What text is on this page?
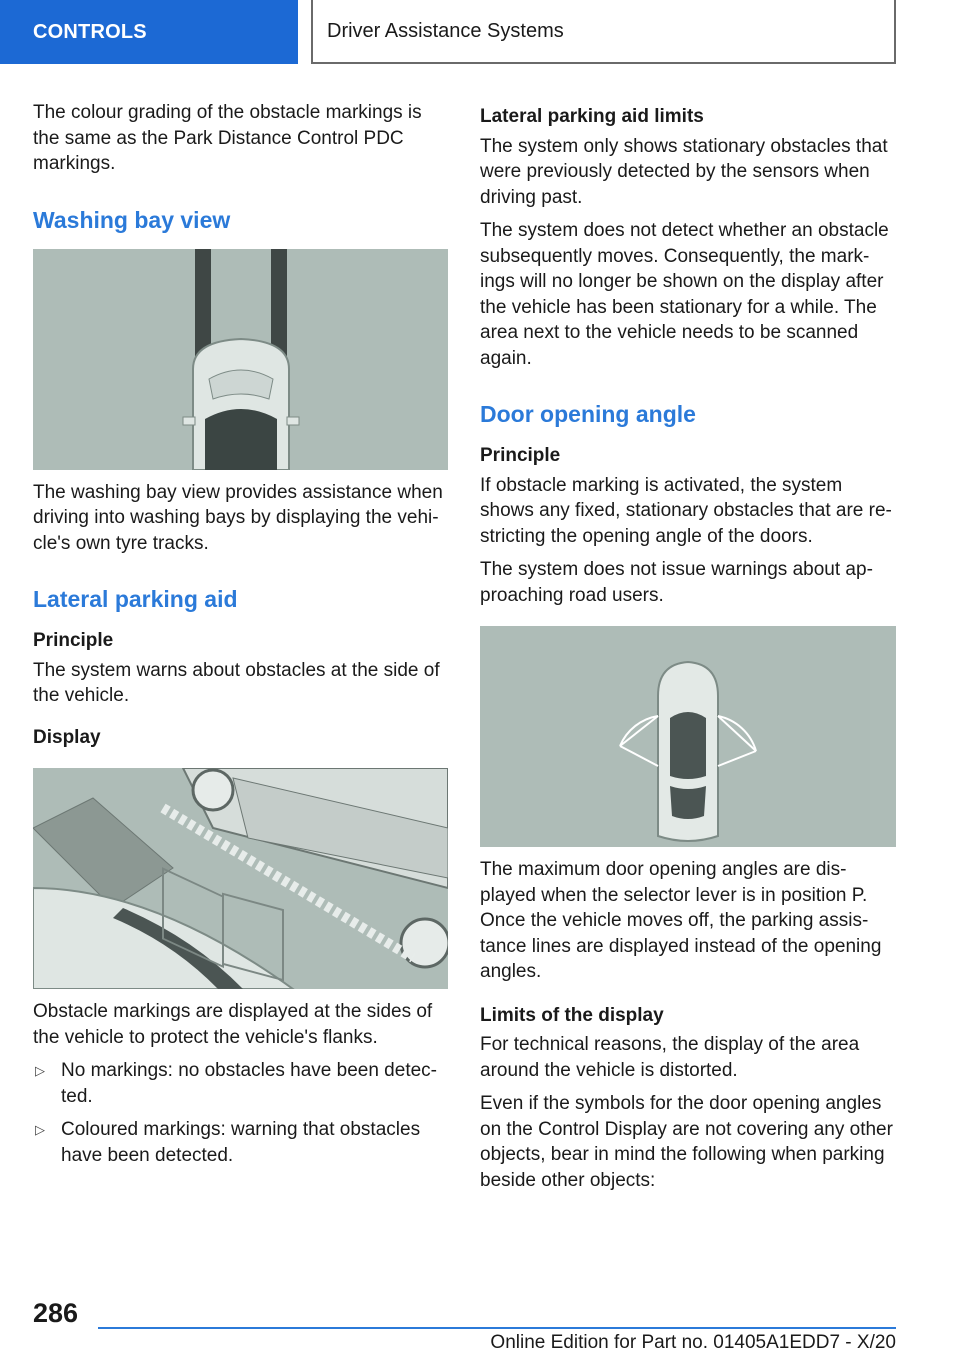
CONTROLS	Driver Assistance Systems

The colour grading of the obstacle markings is the same as the Park Distance Control PDC markings.

Washing bay view

The washing bay view provides assistance when driving into washing bays by displaying the vehicle's own tyre tracks.

Lateral parking aid
Principle

The system warns about obstacles at the side of the vehicle.

Display

Obstacle markings are displayed at the sides of the vehicle to protect the vehicle's flanks.

▷ No markings: no obstacles have been detected.
▷ Coloured markings: warning that obstacles have been detected.
Lateral parking aid limits

The system only shows stationary obstacles that were previously detected by the sensors when driving past.

The system does not detect whether an obstacle subsequently moves. Consequently, the markings will no longer be shown on the display after the vehicle has been stationary for a while. The area next to the vehicle needs to be scanned again.

Door opening angle
Principle

If obstacle marking is activated, the system shows any fixed, stationary obstacles that are restricting the opening angle of the doors.

The system does not issue warnings about approaching road users.

The maximum door opening angles are displayed when the selector lever is in position P. Once the vehicle moves off, the parking assistance lines are displayed instead of the opening angles.

Limits of the display

For technical reasons, the display of the area around the vehicle is distorted.

Even if the symbols for the door opening angles on the Control Display are not covering any other objects, bear in mind the following when parking beside other objects:

286
Online Edition for Part no. 01405A1EDD7 - X/20
